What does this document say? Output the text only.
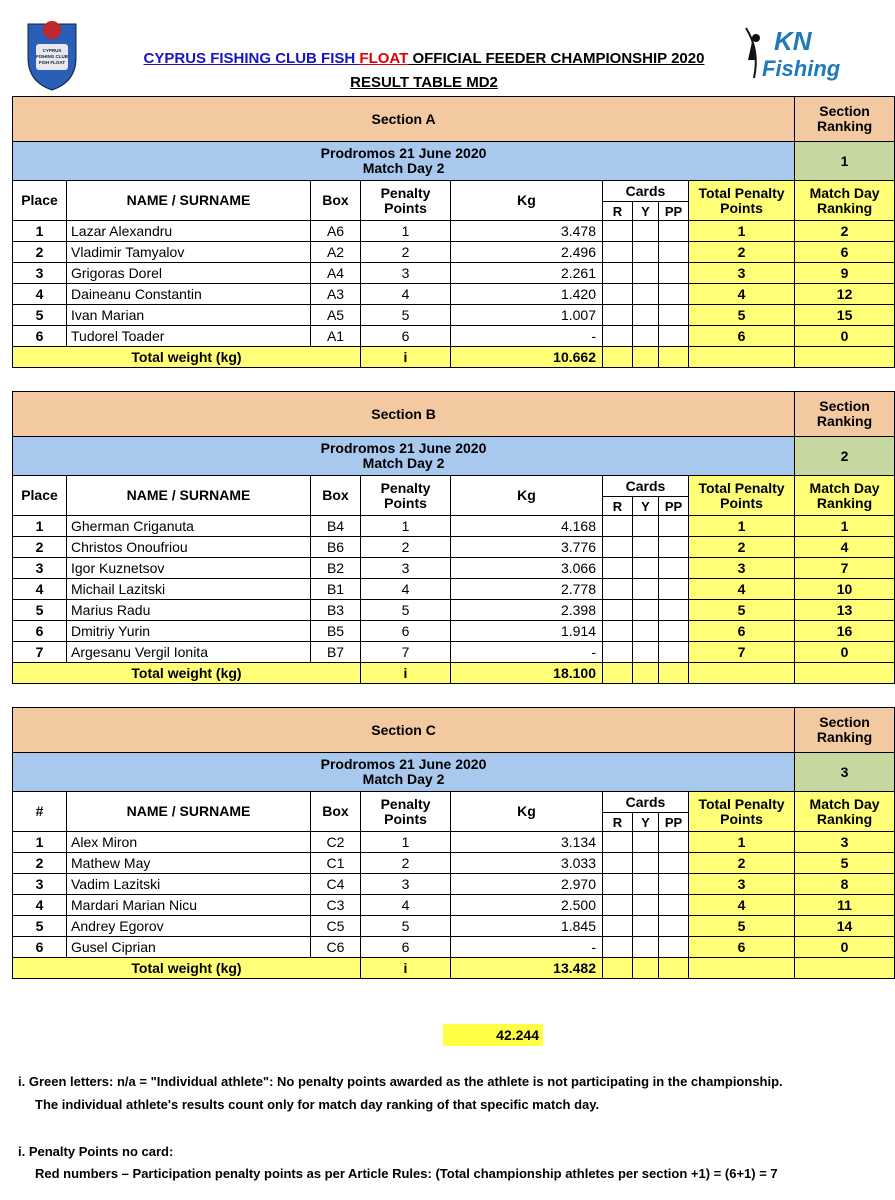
CYPRUS
FISHING CLUB
FISH FLOAT
KN
Fishing
CYPRUS FISHING CLUB FISH FLOAT OFFICIAL FEEDER CHAMPIONSHIP 2020
RESULT TABLE MD2
Section A									Section
Ranking
Prodromos 21 June 2020
Match Day 2									1
Place	NAME / SURNAME	Box	Penalty
Points	Kg	Cards			Total Penalty
Points	Match Day
Ranking
					R	Y	PP		
1	Lazar Alexandru	A6	1	3.478				1	2
2	Vladimir Tamyalov	A2	2	2.496				2	6
3	Grigoras Dorel	A4	3	2.261				3	9
4	Daineanu Constantin	A3	4	1.420				4	12
5	Ivan Marian	A5	5	1.007				5	15
6	Tudorel Toader	A1	6	-				6	0
Total weight (kg)			i	10.662					
Section B									Section
Ranking
Prodromos 21 June 2020
Match Day 2									2
Place	NAME / SURNAME	Box	Penalty
Points	Kg	Cards			Total Penalty
Points	Match Day
Ranking
					R	Y	PP		
1	Gherman Criganuta	B4	1	4.168				1	1
2	Christos Onoufriou	B6	2	3.776				2	4
3	Igor Kuznetsov	B2	3	3.066				3	7
4	Michail Lazitski	B1	4	2.778				4	10
5	Marius Radu	B3	5	2.398				5	13
6	Dmitriy Yurin	B5	6	1.914				6	16
7	Argesanu Vergil Ionita	B7	7	-				7	0
Total weight (kg)			i	18.100					
Section C									Section
Ranking
Prodromos 21 June 2020
Match Day 2									3
#	NAME / SURNAME	Box	Penalty
Points	Kg	Cards			Total Penalty
Points	Match Day
Ranking
					R	Y	PP		
1	Alex Miron	C2	1	3.134				1	3
2	Mathew May	C1	2	3.033				2	5
3	Vadim Lazitski	C4	3	2.970				3	8
4	Mardari Marian Nicu	C3	4	2.500				4	11
5	Andrey Egorov	C5	5	1.845				5	14
6	Gusel Ciprian	C6	6	-				6	0
Total weight (kg)			i	13.482					
42.244
i. Green letters: n/a = "Individual athlete": No penalty points awarded as the athlete is not participating in the championship.
The individual athlete's results count only for match day ranking of that specific match day.
i. Penalty Points no card:
Red numbers – Participation penalty points as per Article Rules: (Total championship athletes per section +1) = (6+1) = 7
